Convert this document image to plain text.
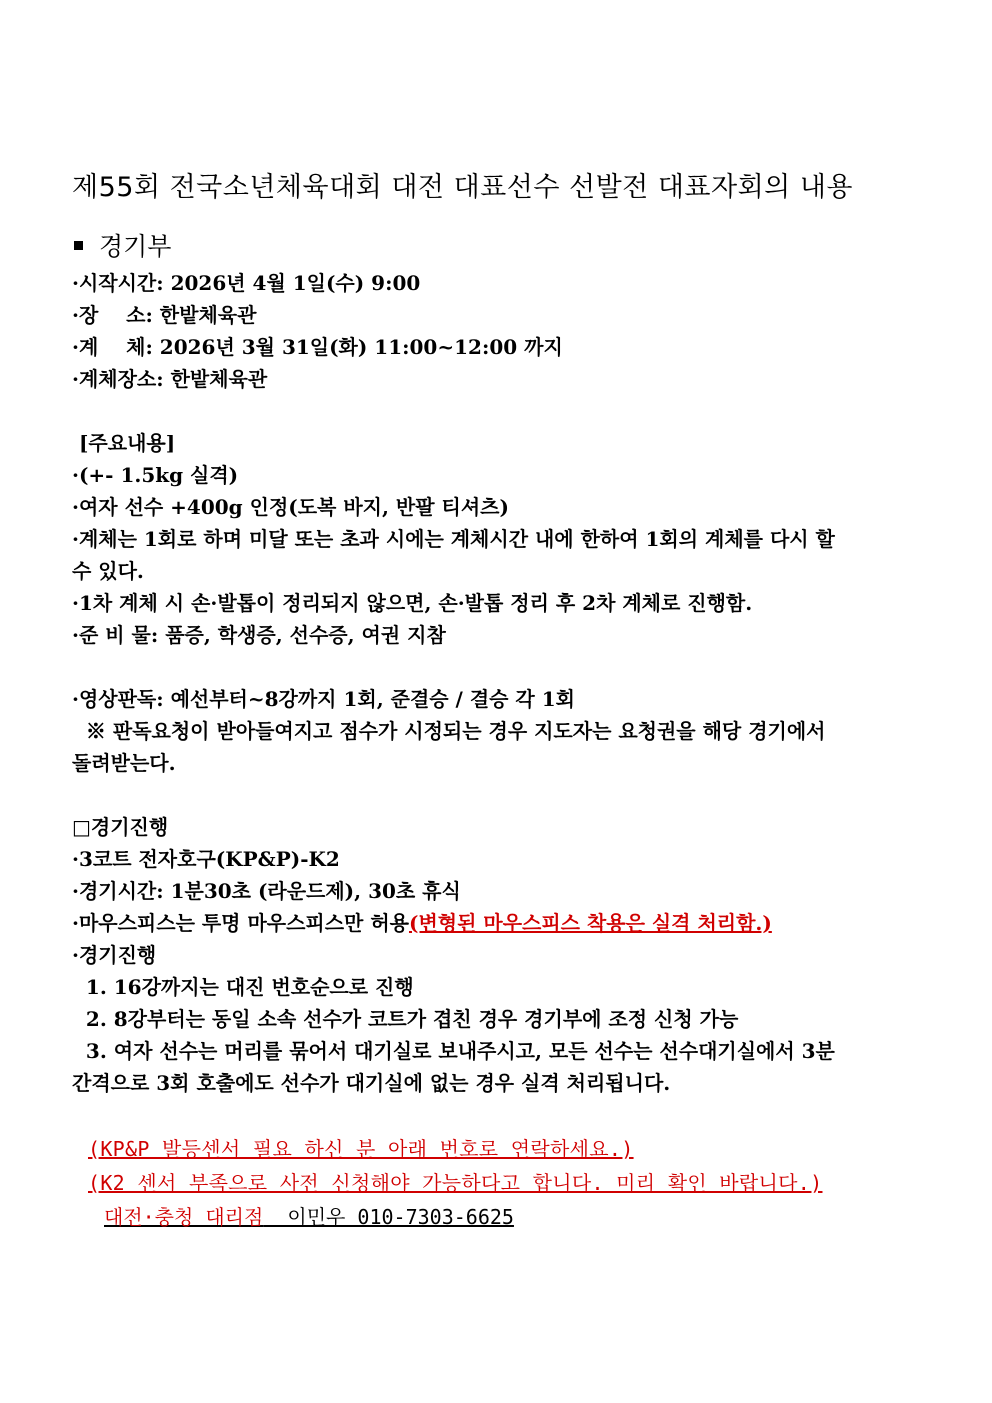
제55회 전국소년체육대회 대전 대표선수 선발전 대표자회의 내용
경기부
·시작시간: 2026년 4월 1일(수) 9:00
·장    소: 한밭체육관
·계    체: 2026년 3월 31일(화) 11:00~12:00 까지
·계체장소: 한밭체육관
[주요내용]
·(+- 1.5kg 실격)
·여자 선수 +400g 인정(도복 바지, 반팔 티셔츠)
·계체는 1회로 하며 미달 또는 초과 시에는 계체시간 내에 한하여 1회의 계체를 다시 할
수 있다.
·1차 계체 시 손·발톱이 정리되지 않으면, 손·발톱 정리 후 2차 계체로 진행함.
·준 비 물: 품증, 학생증, 선수증, 여권 지참
·영상판독: 예선부터~8강까지 1회, 준결승 / 결승 각 1회
※ 판독요청이 받아들여지고 점수가 시정되는 경우 지도자는 요청권을 해당 경기에서
돌려받는다.
□경기진행
·3코트 전자호구(KP&P)-K2
·경기시간: 1분30초 (라운드제), 30초 휴식
·마우스피스는 투명 마우스피스만 허용(변형된 마우스피스 착용은 실격 처리함.)
·경기진행
1. 16강까지는 대진 번호순으로 진행
2. 8강부터는 동일 소속 선수가 코트가 겹친 경우 경기부에 조정 신청 가능
3. 여자 선수는 머리를 묶어서 대기실로 보내주시고, 모든 선수는 선수대기실에서 3분
간격으로 3회 호출에도 선수가 대기실에 없는 경우 실격 처리됩니다.
(KP&P 발등센서 필요 하신 분 아래 번호로 연락하세요.)
(K2 센서 부족으로 사전 신청해야 가능하다고 합니다. 미리 확인 바랍니다.)
대전·충청 대리점  이민우 010-7303-6625
